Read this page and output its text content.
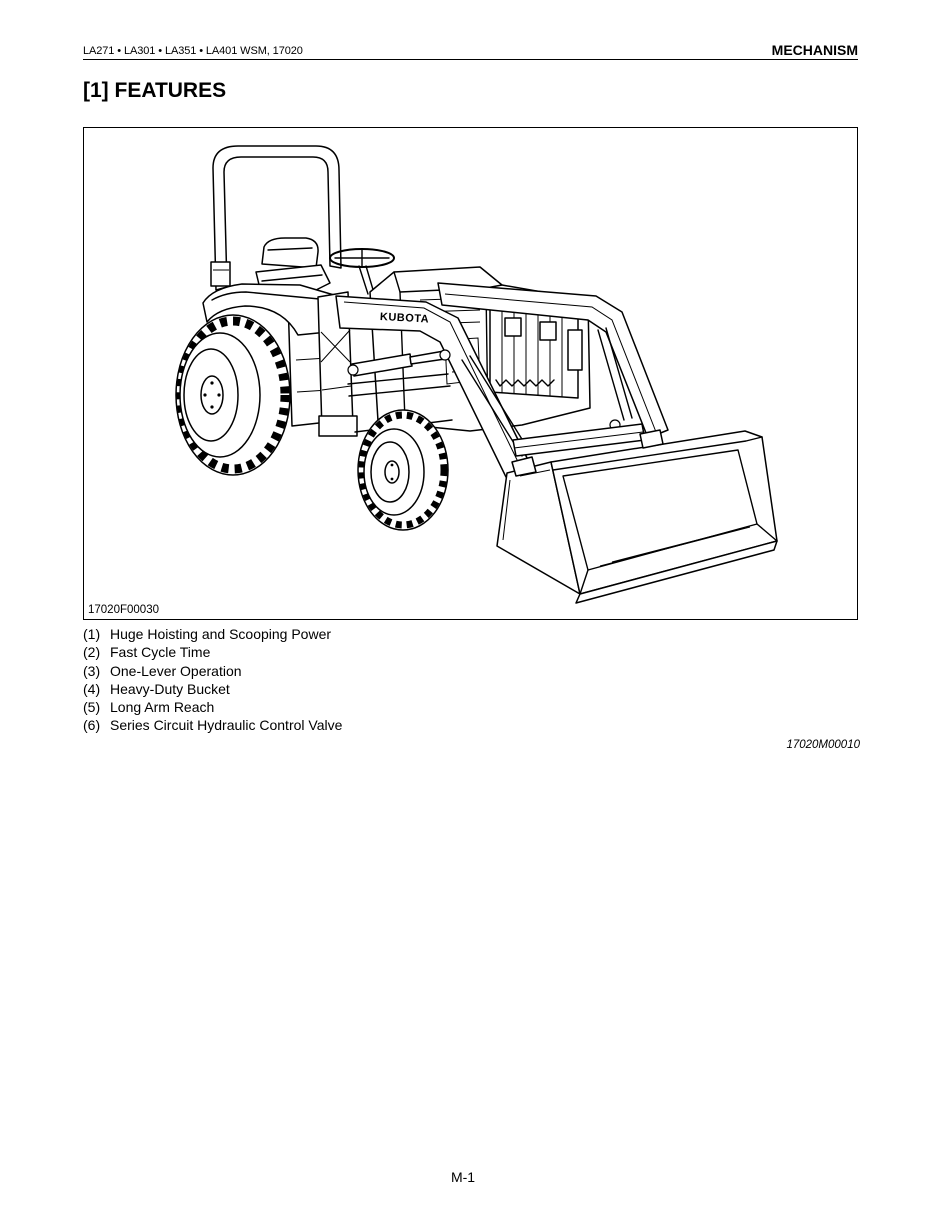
LA271 • LA301 • LA351 • LA401 WSM, 17020	MECHANISM
[1] FEATURES
KUBOTA
17020F00030
(1) Huge Hoisting and Scooping Power
(2) Fast Cycle Time
(3) One-Lever Operation
(4) Heavy-Duty Bucket
(5) Long Arm Reach
(6) Series Circuit Hydraulic Control Valve
17020M00010
M-1
